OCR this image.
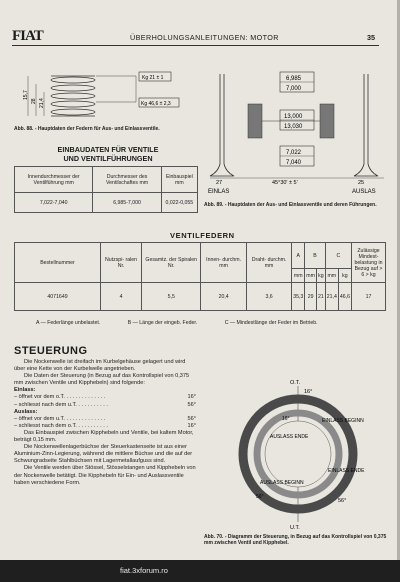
FIAT	ÜBERHOLUNGSANLEITUNGEN: MOTOR	35
15,7
28 21,4
Kg 21 ± 1
Kg 46,6 ± 2,3
Abb. 88. - Hauptdaten der Federn für Aus- und Einlassventile.
6,985
7,000
13,000
13,030
7,022
7,040
27	45°30' ± 5'	25
EINLAS	AUSLAS
Abb. 89. - Hauptdaten der Aus- und Einlassventile und deren Führungen.
EINBAUDATEN FÜR VENTILE
UND VENTILFÜHRUNGEN
Innendurchmesser der Ventilführung mm	Durchmesser des Ventilschaftes mm	Einbauspiel mm
7,022-7,040	6,985-7,000	0,022-0,055
VENTILFEDERN
Bestellnummer	Nutzspi- ralen Nr.	Gesamtz. der Spiralen Nr.	Innen- durchm. mm	Draht- durchm. mm	A	B		C		Zulässige Mindest- belastung in Bezug auf > 6 > kg
					mm	mm	kg	mm	kg	
4071649	4	5,5	20,4	3,6	35,3	29	21	21,4	46,6	17
A — Federlänge unbelastet.	B — Länge der eingeb. Feder.	C — Mindestlänge der Feder im Betrieb.
STEUERUNG

Die Nockenwelle ist dreifach im Kurbelgehäuse gelagert und wird über eine Kette von der Kurbelwelle angetrieben.

Die Daten der Steuerung (in Bezug auf das Kontrollspiel von 0,375 mm zwischen Ventile und Kipphebeln) sind folgende:

Einlass:

– öffnet vor dem o.T. . . . . . . . . . . . . .	16°
– schliesst nach dem u.T. . . . . . . . . . .	56°

Auslass:

– öffnet vor dem u.T. . . . . . . . . . . . . .	56°
– schliesst nach dem o.T. . . . . . . . . . .	16°

Das Einbauspiel zwischen Kipphebeln und Ventile, bei kaltem Motor, beträgt 0,15 mm.

Die Nockenwellenlagerbüchse der Steuerkastenseite ist aus einer Aluminium-Zinn-Legierung, während die mittlere Büchse und die auf der Schwungradseite Stahlbüchsen mit Lagermetallaufguss sind.

Die Ventile werden über Stössel, Stösselstangen und Kipphebeln von der Nockenwelle betätigt. Die Kipphebeln für Ein- und Auslassventile haben verschiedene Form.

O.T.
U.T.
16°
16°
56°
56°
EINLASS BEGINN
AUSLASS ENDE
EINLASS ENDE
AUSLASS BEGINN
Abb. 70. - Diagramm der Steuerung, in Bezug auf das Kontrollspiel von 0,375 mm zwischen Ventil und Kipphebel.
fiat.3xforum.ro
